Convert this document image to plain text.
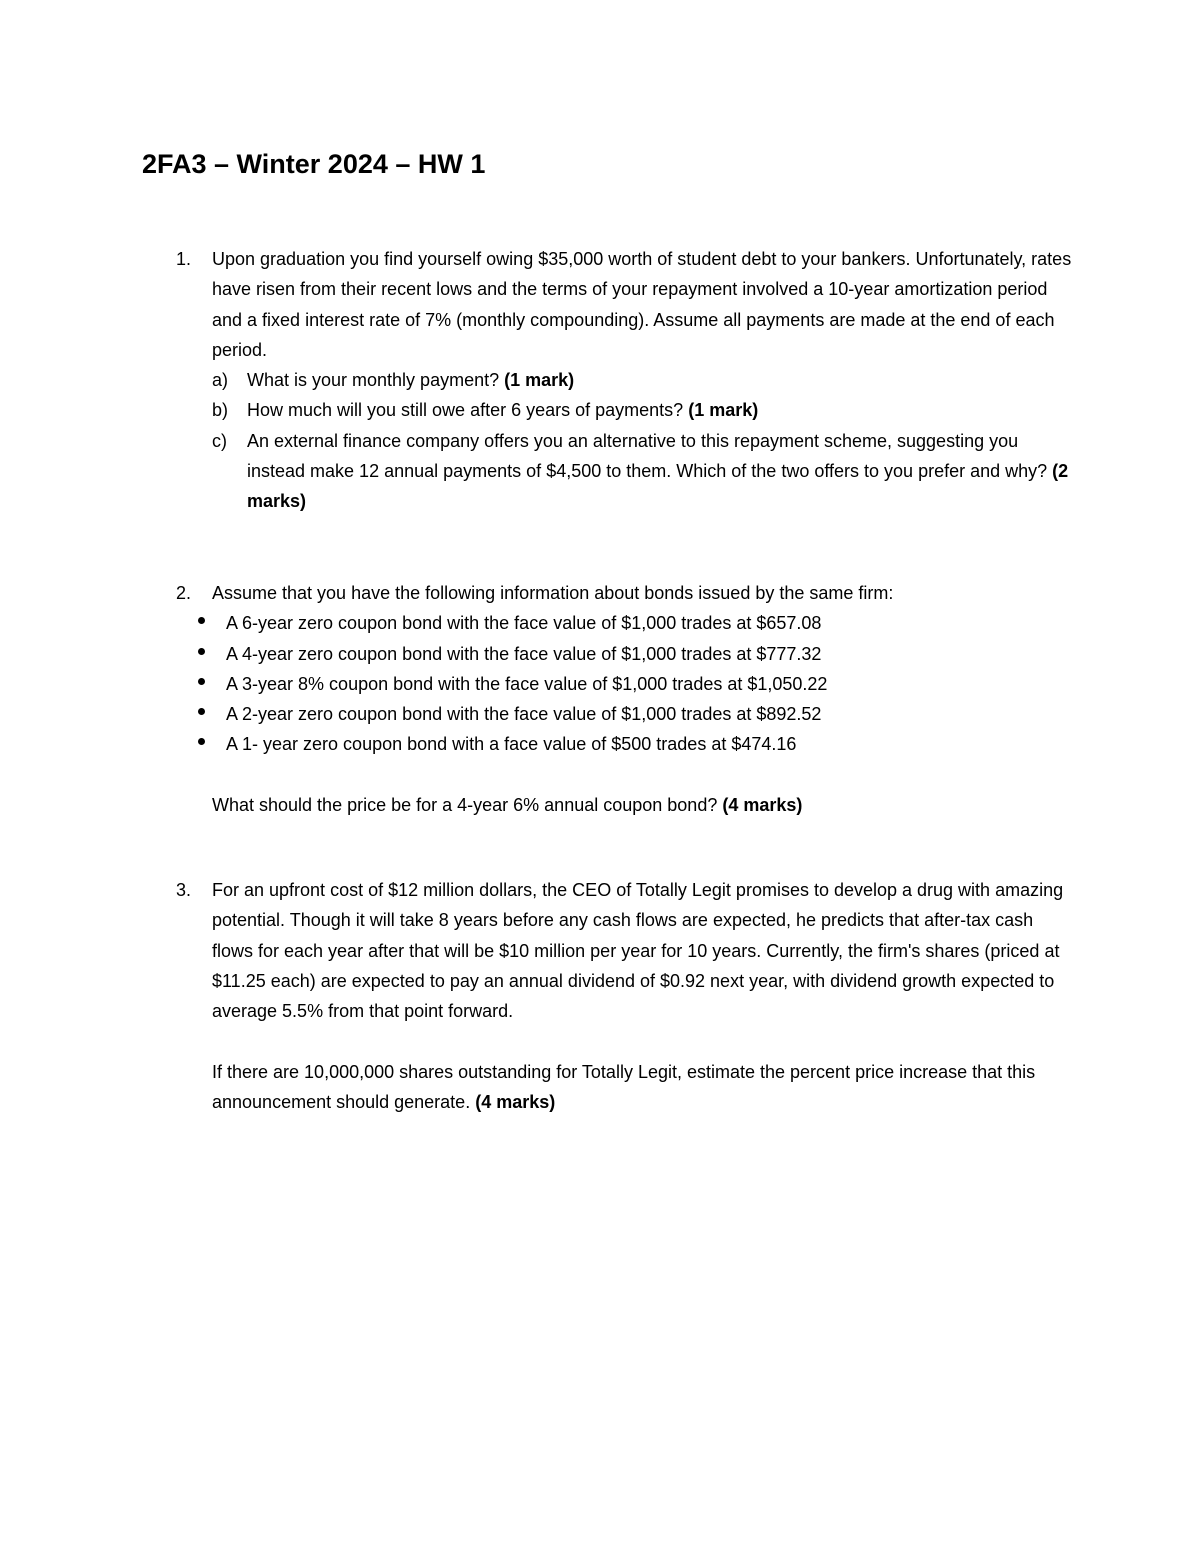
2FA3 – Winter 2024 – HW 1
1.	Upon graduation you find yourself owing $35,000 worth of student debt to your bankers. Unfortunately, rates have risen from their recent lows and the terms of your repayment involved a 10-year amortization period and a fixed interest rate of 7% (monthly compounding). Assume all payments are made at the end of each period.

a)	What is your monthly payment? (1 mark)
b)	How much will you still owe after 6 years of payments? (1 mark)
c)	An external finance company offers you an alternative to this repayment scheme, suggesting you instead make 12 annual payments of $4,500 to them. Which of the two offers to you prefer and why? (2 marks)
2.	Assume that you have the following information about bonds issued by the same firm:

A 6-year zero coupon bond with the face value of $1,000 trades at $657.08
A 4-year zero coupon bond with the face value of $1,000 trades at $777.32
A 3-year 8% coupon bond with the face value of $1,000 trades at $1,050.22
A 2-year zero coupon bond with the face value of $1,000 trades at $892.52
A 1- year zero coupon bond with a face value of $500 trades at $474.16

What should the price be for a 4-year 6% annual coupon bond? (4 marks)

3.	For an upfront cost of $12 million dollars, the CEO of Totally Legit promises to develop a drug with amazing potential. Though it will take 8 years before any cash flows are expected, he predicts that after-tax cash flows for each year after that will be $10 million per year for 10 years. Currently, the firm's shares (priced at $11.25 each) are expected to pay an annual dividend of $0.92 next year, with dividend growth expected to average 5.5% from that point forward.

If there are 10,000,000 shares outstanding for Totally Legit, estimate the percent price increase that this announcement should generate. (4 marks)
